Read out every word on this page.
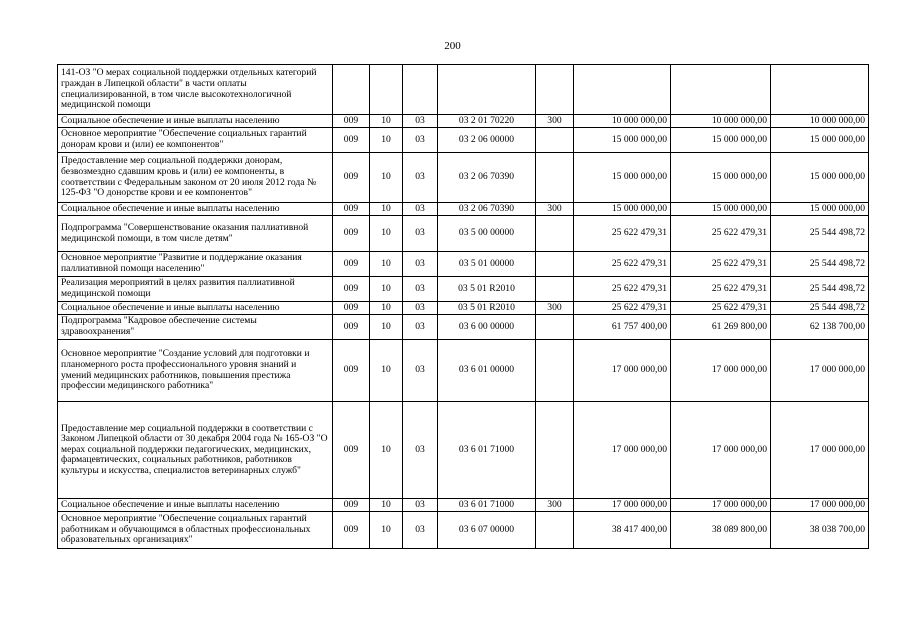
200
141-ОЗ "О мерах социальной поддержки отдельных категорий граждан в Липецкой области" в части оплаты специализированной, в том числе высокотехнологичной медицинской помощи								
Социальное обеспечение и иные выплаты населению	009	10	03	03 2 01 70220	300	10 000 000,00	10 000 000,00	10 000 000,00
Основное мероприятие "Обеспечение социальных гарантий донорам крови и (или) ее компонентов"	009	10	03	03 2 06 00000		15 000 000,00	15 000 000,00	15 000 000,00
Предоставление мер социальной поддержки донорам, безвозмездно сдавшим кровь и (или) ее компоненты, в соответствии с Федеральным законом от 20 июля 2012 года № 125-ФЗ "О донорстве крови и ее компонентов"	009	10	03	03 2 06 70390		15 000 000,00	15 000 000,00	15 000 000,00
Социальное обеспечение и иные выплаты населению	009	10	03	03 2 06 70390	300	15 000 000,00	15 000 000,00	15 000 000,00
Подпрограмма "Совершенствование оказания паллиативной медицинской помощи, в том числе детям"	009	10	03	03 5 00 00000		25 622 479,31	25 622 479,31	25 544 498,72
Основное мероприятие "Развитие и поддержание оказания паллиативной помощи населению"	009	10	03	03 5 01 00000		25 622 479,31	25 622 479,31	25 544 498,72
Реализация мероприятий в целях развития паллиативной медицинской помощи	009	10	03	03 5 01 R2010		25 622 479,31	25 622 479,31	25 544 498,72
Социальное обеспечение и иные выплаты населению	009	10	03	03 5 01 R2010	300	25 622 479,31	25 622 479,31	25 544 498,72
Подпрограмма "Кадровое обеспечение системы здравоохранения"	009	10	03	03 6 00 00000		61 757 400,00	61 269 800,00	62 138 700,00
Основное мероприятие "Создание условий для подготовки и планомерного роста профессионального уровня знаний и умений медицинских работников, повышения престижа профессии медицинского работника"	009	10	03	03 6 01 00000		17 000 000,00	17 000 000,00	17 000 000,00
Предоставление мер социальной поддержки в соответствии с Законом Липецкой области от 30 декабря 2004 года № 165-ОЗ "О мерах социальной поддержки педагогических, медицинских, фармацевтических, социальных работников, работников культуры и искусства, специалистов ветеринарных служб"	009	10	03	03 6 01 71000		17 000 000,00	17 000 000,00	17 000 000,00
Социальное обеспечение и иные выплаты населению	009	10	03	03 6 01 71000	300	17 000 000,00	17 000 000,00	17 000 000,00
Основное мероприятие "Обеспечение социальных гарантий работникам и обучающимся в областных профессиональных образовательных организациях"	009	10	03	03 6 07 00000		38 417 400,00	38 089 800,00	38 038 700,00
